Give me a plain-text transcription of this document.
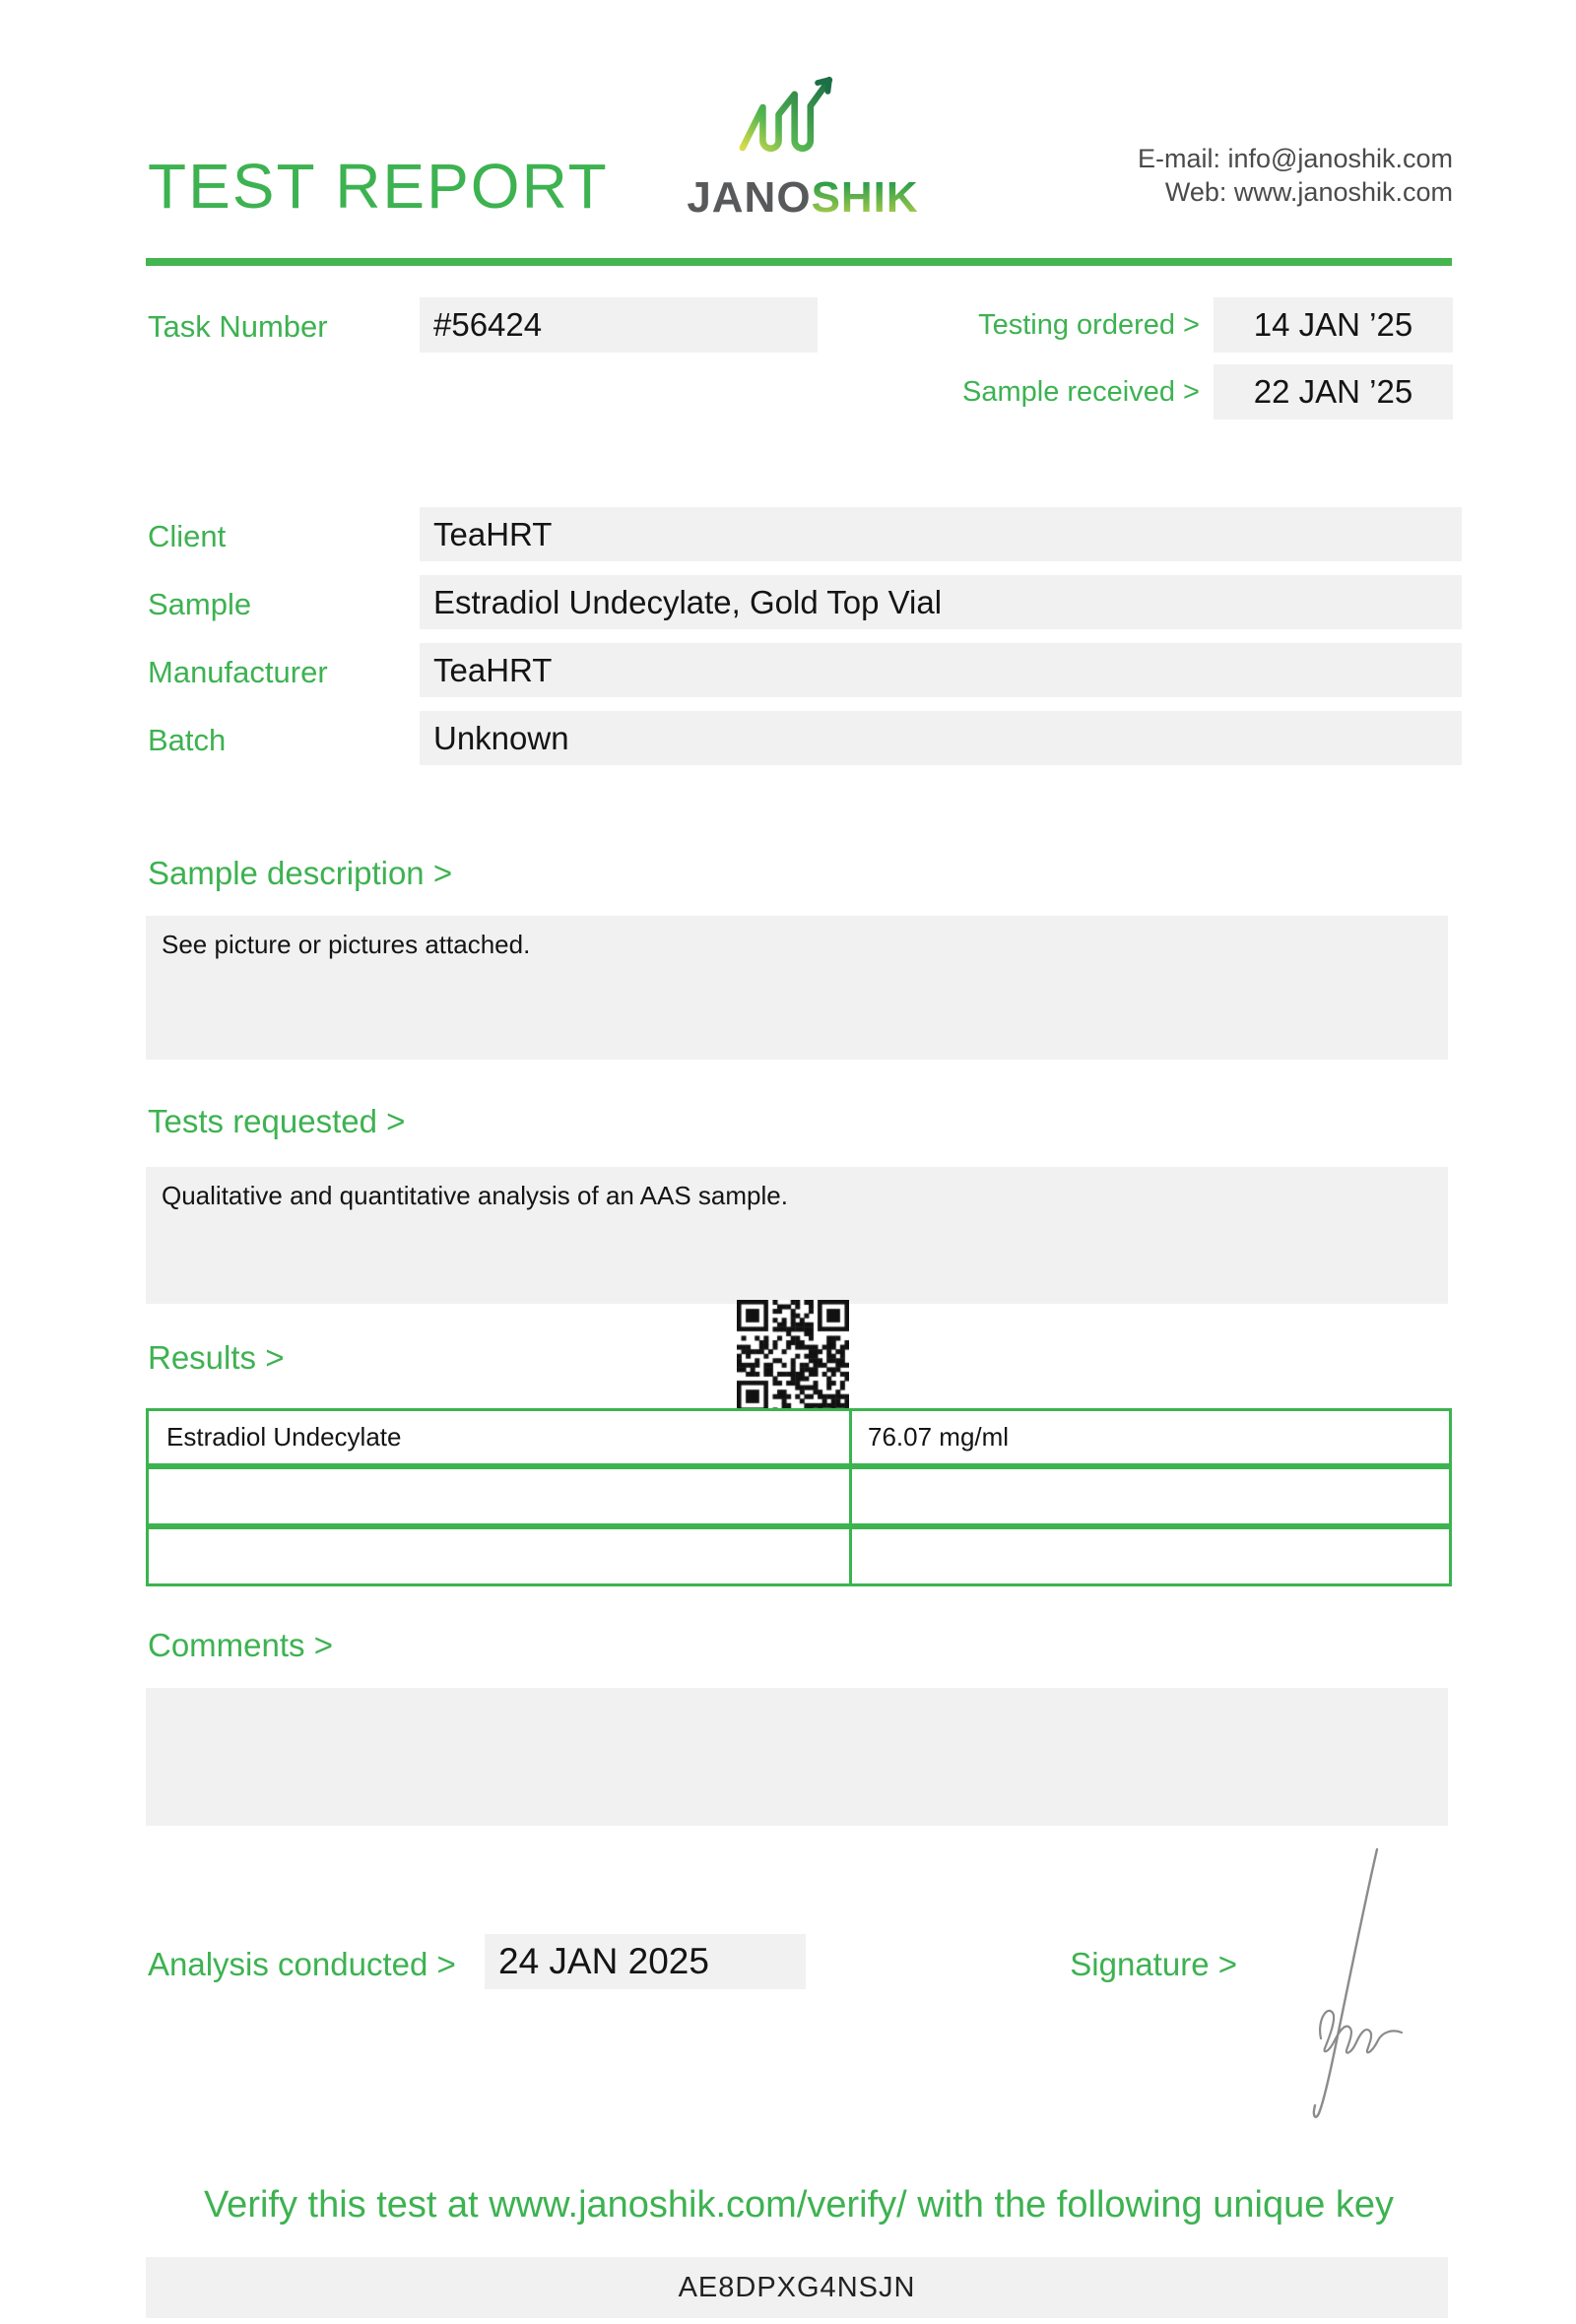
TEST REPORT	JANOSHIK
E-mail: info@janoshik.com
Web: www.janoshik.com
Task Number	#56424	Testing ordered >	14 JAN ’25
Sample received >	22 JAN ’25
Client	TeaHRT
Sample	Estradiol Undecylate, Gold Top Vial
Manufacturer	TeaHRT
Batch	Unknown
Sample description >
See picture or pictures attached.
Tests requested >
Qualitative and quantitative analysis of an AAS sample.
Results >
Estradiol Undecylate	76.07 mg/ml
Comments >
Analysis conducted >	24 JAN 2025	Signature >
Verify this test at www.janoshik.com/verify/ with the following unique key
AE8DPXG4NSJN
